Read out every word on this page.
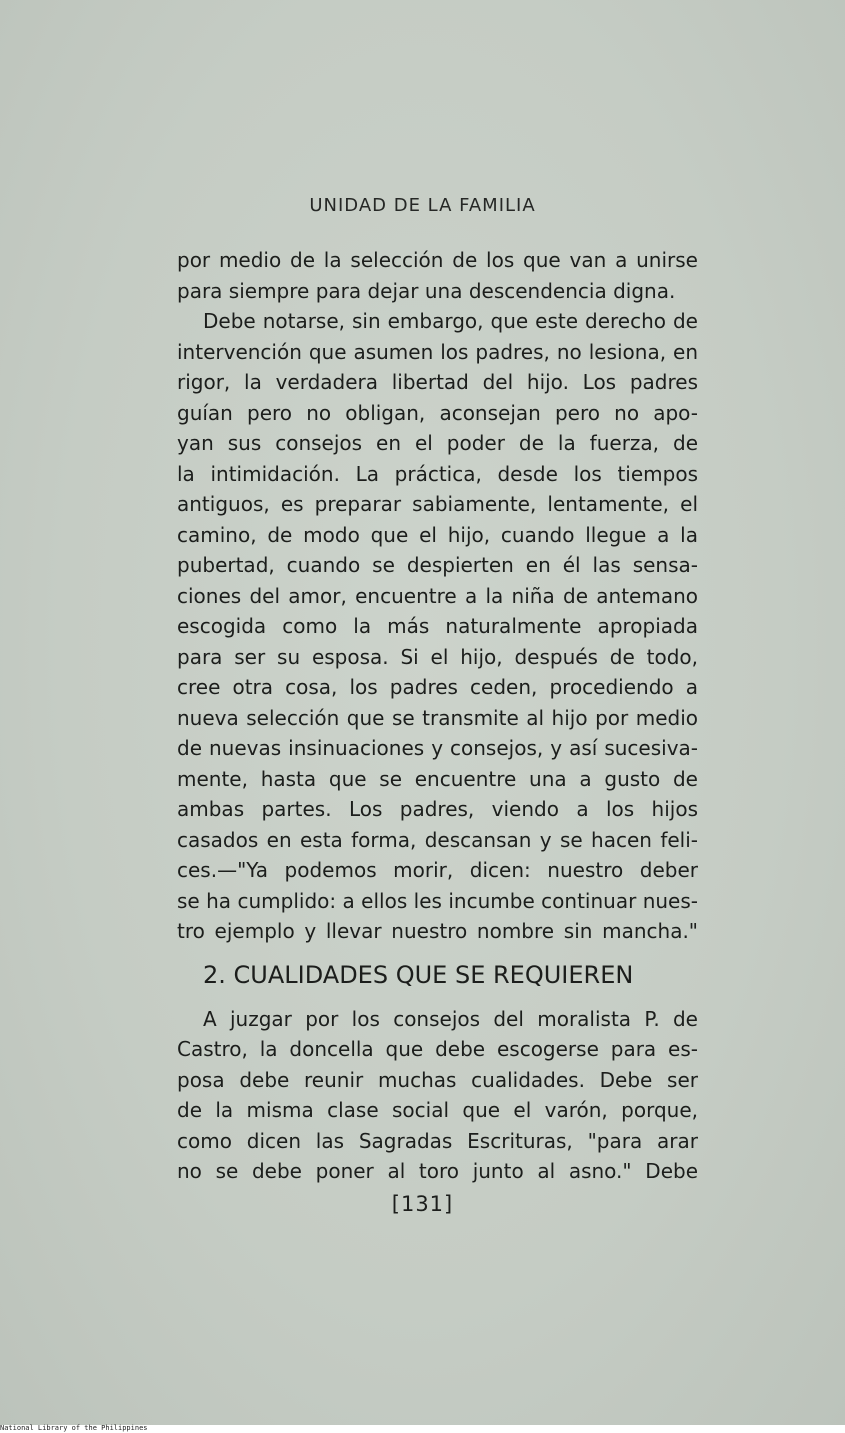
UNIDAD DE LA FAMILIA
por medio de la selección de los que van a unirse
para siempre para dejar una descendencia digna.
Debe notarse, sin embargo, que este derecho de
intervención que asumen los padres, no lesiona, en
rigor, la verdadera libertad del hijo. Los padres
guían pero no obligan, aconsejan pero no apo-
yan sus consejos en el poder de la fuerza, de
la intimidación. La práctica, desde los tiempos
antiguos, es preparar sabiamente, lentamente, el
camino, de modo que el hijo, cuando llegue a la
pubertad, cuando se despierten en él las sensa-
ciones del amor, encuentre a la niña de antemano
escogida como la más naturalmente apropiada
para ser su esposa. Si el hijo, después de todo,
cree otra cosa, los padres ceden, procediendo a
nueva selección que se transmite al hijo por medio
de nuevas insinuaciones y consejos, y así sucesiva-
mente, hasta que se encuentre una a gusto de
ambas partes. Los padres, viendo a los hijos
casados en esta forma, descansan y se hacen feli-
ces.—"Ya podemos morir, dicen: nuestro deber
se ha cumplido: a ellos les incumbe continuar nues-
tro ejemplo y llevar nuestro nombre sin mancha."
2. CUALIDADES QUE SE REQUIEREN
A juzgar por los consejos del moralista P. de
Castro, la doncella que debe escogerse para es-
posa debe reunir muchas cualidades. Debe ser
de la misma clase social que el varón, porque,
como dicen las Sagradas Escrituras, "para arar
no se debe poner al toro junto al asno." Debe
[131]
National Library of the Philippines
